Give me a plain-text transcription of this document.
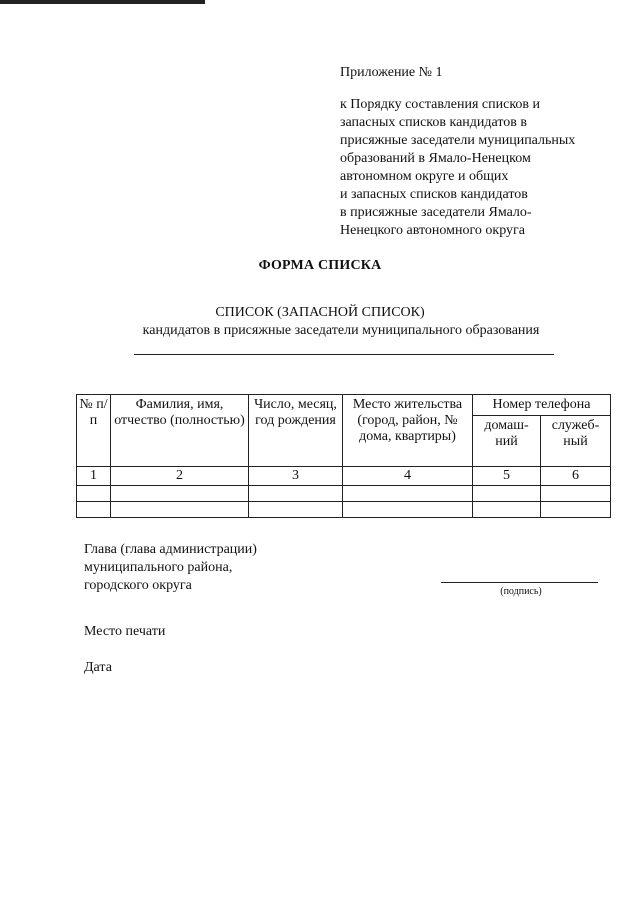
Приложение № 1
к Порядку составления списков и
запасных списков кандидатов в
присяжные заседатели муниципальных
образований в Ямало-Ненецком
автономном округе и общих
и запасных списков кандидатов
в присяжные заседатели Ямало-
Ненецкого автономного округа
ФОРМА СПИСКА
СПИСОК (ЗАПАСНОЙ СПИСОК)
кандидатов в присяжные заседатели муниципального образования
№ п/п	Фамилия, имя, отчество (полностью)	Число, месяц, год рождения	Место жительства (город, район, № дома, квартиры)	Номер телефона	
				домаш-ний	служеб-ный
1	2	3	4	5	6

Глава (глава администрации)
муниципального района,
городского округа	(подпись)
Место печати
Дата
